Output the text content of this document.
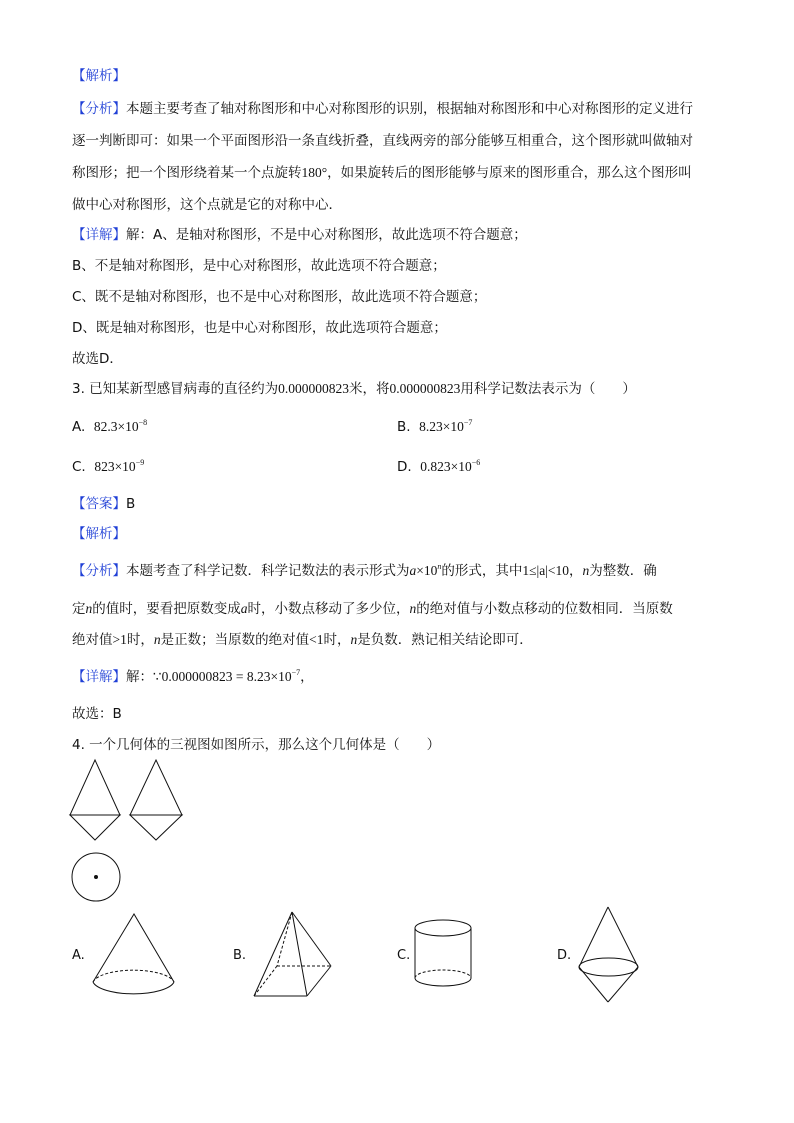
【解析】
【分析】本题主要考查了轴对称图形和中心对称图形的识别，根据轴对称图形和中心对称图形的定义进行
逐一判断即可：如果一个平面图形沿一条直线折叠，直线两旁的部分能够互相重合，这个图形就叫做轴对
称图形；把一个图形绕着某一个点旋转180°，如果旋转后的图形能够与原来的图形重合，那么这个图形叫
做中心对称图形，这个点就是它的对称中心．
【详解】解：A、是轴对称图形，不是中心对称图形，故此选项不符合题意；
B、不是轴对称图形，是中心对称图形，故此选项不符合题意；
C、既不是轴对称图形，也不是中心对称图形，故此选项不符合题意；
D、既是轴对称图形，也是中心对称图形，故此选项符合题意；
故选D．
3. 已知某新型感冒病毒的直径约为0.000000823米，将0.000000823用科学记数法表示为（　　）
A. $82.3\times 10^{-8}$	B. $8.23\times 10^{-7}$
C. $823\times 10^{-9}$	D. $0.823\times 10^{-6}$
【答案】B
【解析】
【分析】本题考查了科学记数．科学记数法的表示形式为$a\times 10^n$的形式，其中1≤|a|<10，n为整数．确
定n的值时，要看把原数变成a时，小数点移动了多少位，n的绝对值与小数点移动的位数相同．当原数
绝对值>1时，n是正数；当原数的绝对值<1时，n是负数．熟记相关结论即可．
【详解】解：∵0.000000823 = $8.23\times 10^{-7}$，
故选：B
4. 一个几何体的三视图如图所示，那么这个几何体是（　　）
A.	B.	C.	D.
